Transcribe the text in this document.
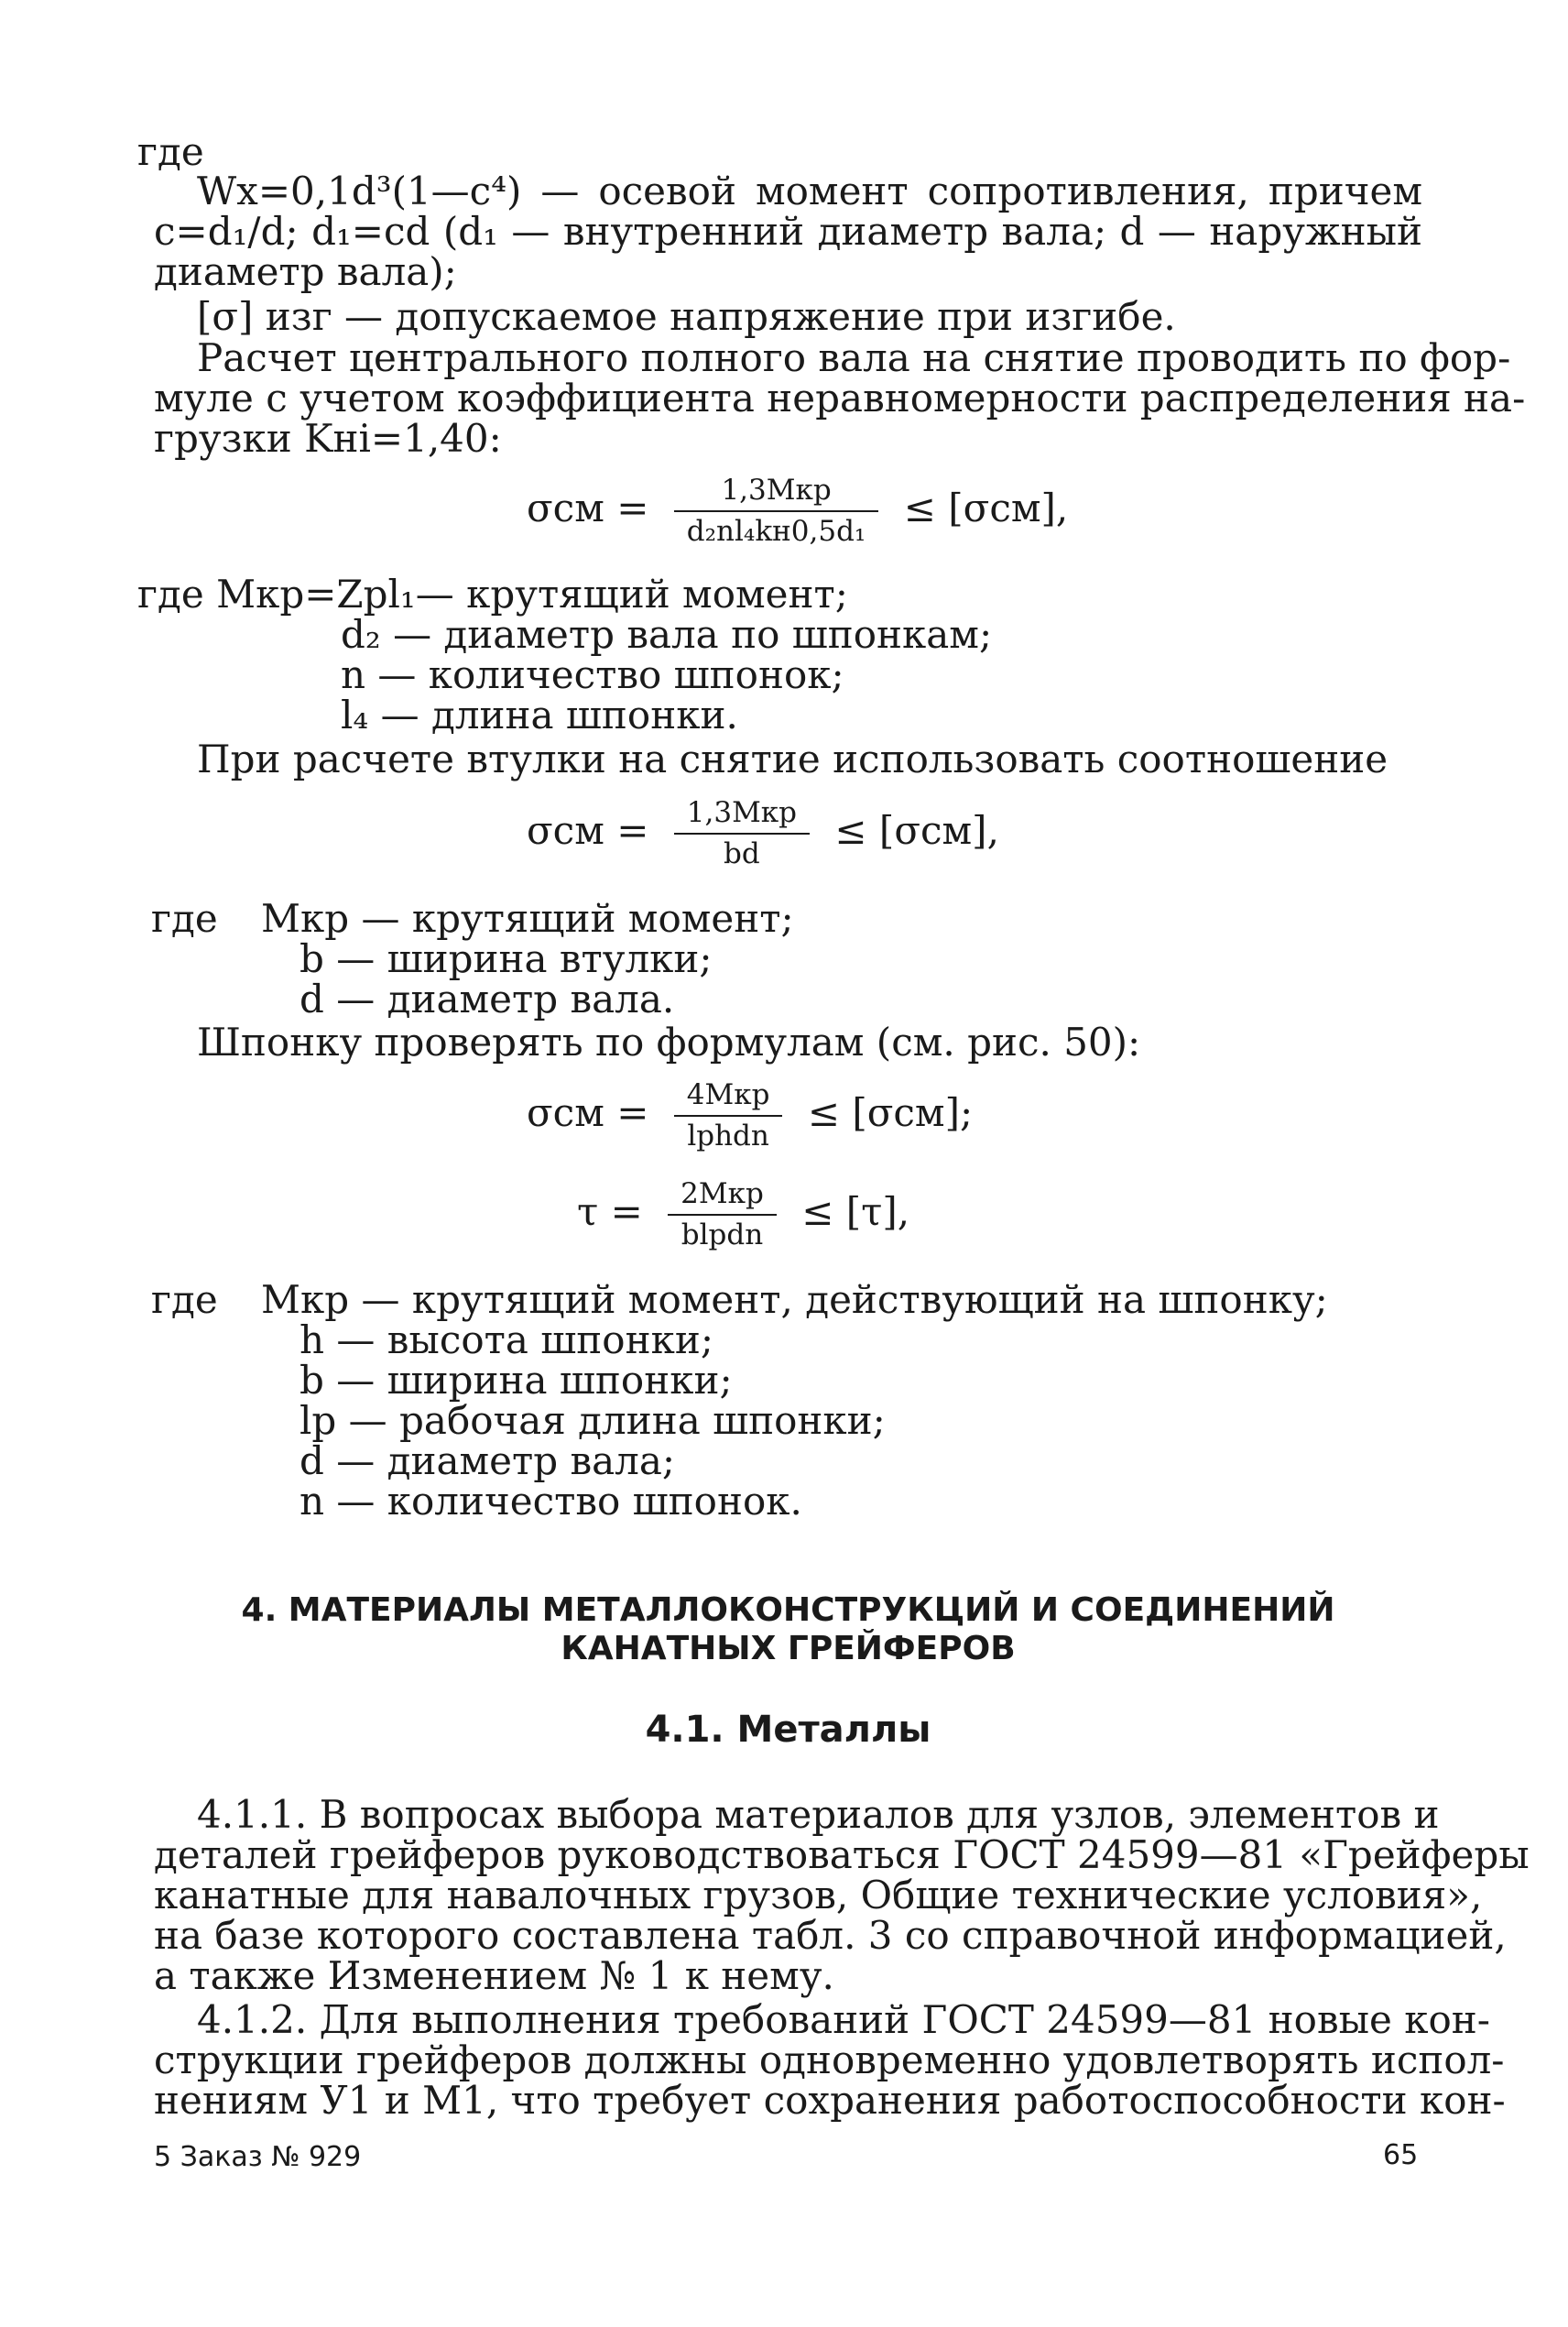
где
Wx=0,1d³(1—c⁴) — осевой момент сопротивления, причем
c=d₁/d; d₁=cd (d₁ — внутренний диаметр вала; d — наружный
диаметр вала);
[σ] изг — допускаемое напряжение при изгибе.
Расчет центрального полного вала на снятие проводить по фор-
муле с учетом коэффициента неравномерности распределения на-
грузки Kнi=1,40:
$\sigma см = \frac{\text{1,3Mкр}}{\text{d₂nl₄kн0,5d₁}} \le [\sigma см]$,
где Mкр=Zрl₁— крутящий момент;
d₂ — диаметр вала по шпонкам;
n — количество шпонок;
l₄ — длина шпонки.
При расчете втулки на снятие использовать соотношение
$\sigma см = \frac{\text{1,3Mкр}}{bd} \le [\sigma см]$,
где Mкр — крутящий момент;
b — ширина втулки;
d — диаметр вала.
Шпонку проверять по формулам (см. рис. 50):
$\sigma см = \frac{\text{4Mкр}}{\text{lрhdn}} \le [\sigma см]$;
$\tau = \frac{\text{2Mкр}}{\text{blрdn}} \le [\tau]$,
где Mкр — крутящий момент, действующий на шпонку;
h — высота шпонки;
b — ширина шпонки;
lр — рабочая длина шпонки;
d — диаметр вала;
n — количество шпонок.
4. МАТЕРИАЛЫ МЕТАЛЛОКОНСТРУКЦИЙ И СОЕДИНЕНИЙ
КАНАТНЫХ ГРЕЙФЕРОВ
4.1. Металлы
4.1.1. В вопросах выбора материалов для узлов, элементов и
деталей грейферов руководствоваться ГОСТ 24599—81 «Грейферы
канатные для навалочных грузов, Общие технические условия»,
на базе которого составлена табл. 3 со справочной информацией,
а также Изменением № 1 к нему.
4.1.2. Для выполнения требований ГОСТ 24599—81 новые кон-
струкции грейферов должны одновременно удовлетворять испол-
нениям У1 и М1, что требует сохранения работоспособности кон-
5 Заказ № 929	65
